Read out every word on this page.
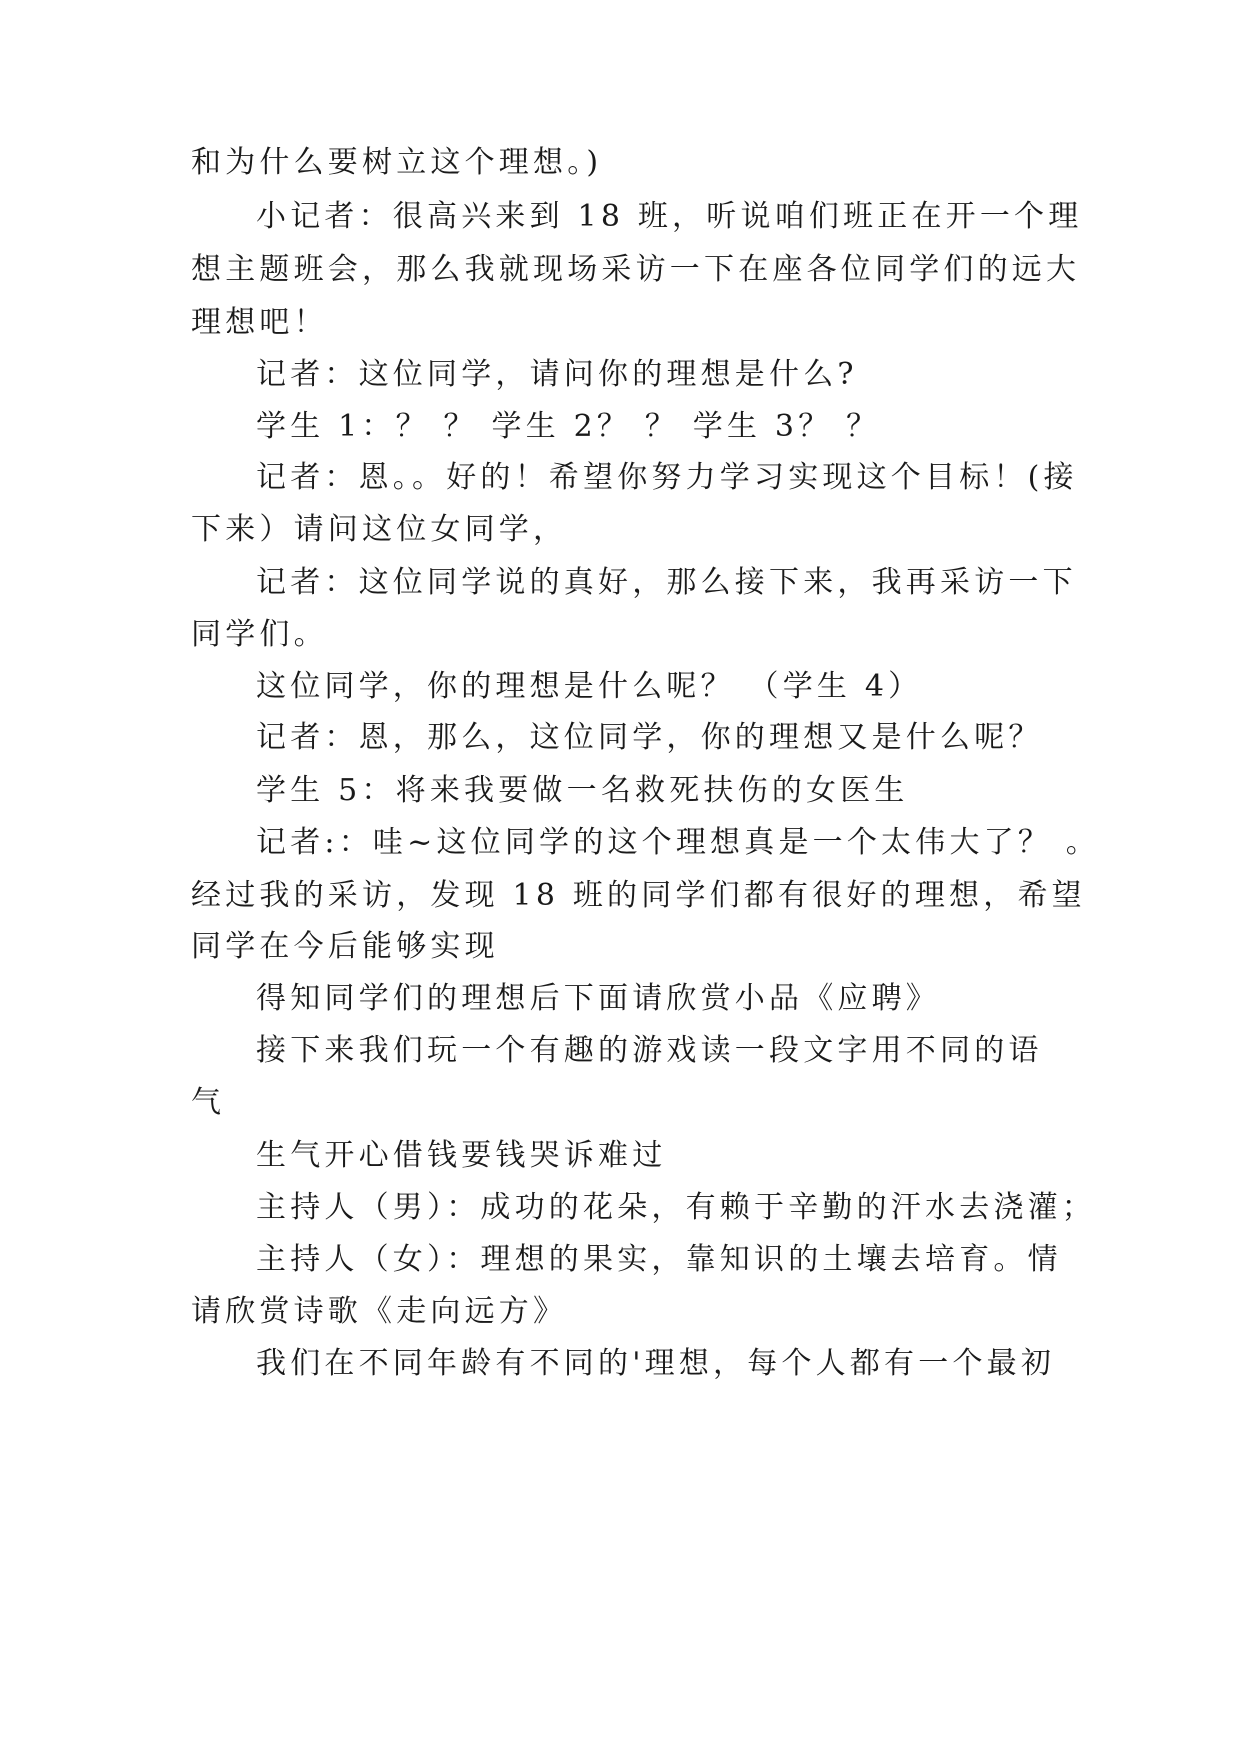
和为什么要树立这个理想。)
小记者：很高兴来到 18 班，听说咱们班正在开一个理
想主题班会，那么我就现场采访一下在座各位同学们的远大
理想吧！
记者：这位同学，请问你的理想是什么?
学生 1：？ ？ 学生 2？ ？ 学生 3？ ？
记者：恩。。好的！希望你努力学习实现这个目标！(接
下来）请问这位女同学，
记者：这位同学说的真好，那么接下来，我再采访一下
同学们。
这位同学，你的理想是什么呢？ （学生 4）
记者：恩，那么，这位同学，你的理想又是什么呢？
学生 5：将来我要做一名救死扶伤的女医生
记者:：哇~这位同学的这个理想真是一个太伟大了？ 。
经过我的采访，发现 18 班的同学们都有很好的理想，希望
同学在今后能够实现
得知同学们的理想后下面请欣赏小品《应聘》
接下来我们玩一个有趣的游戏读一段文字用不同的语
气
生气开心借钱要钱哭诉难过
主持人（男）：成功的花朵，有赖于辛勤的汗水去浇灌；
主持人（女）：理想的果实，靠知识的土壤去培育。情
请欣赏诗歌《走向远方》
我们在不同年龄有不同的'理想，每个人都有一个最初
